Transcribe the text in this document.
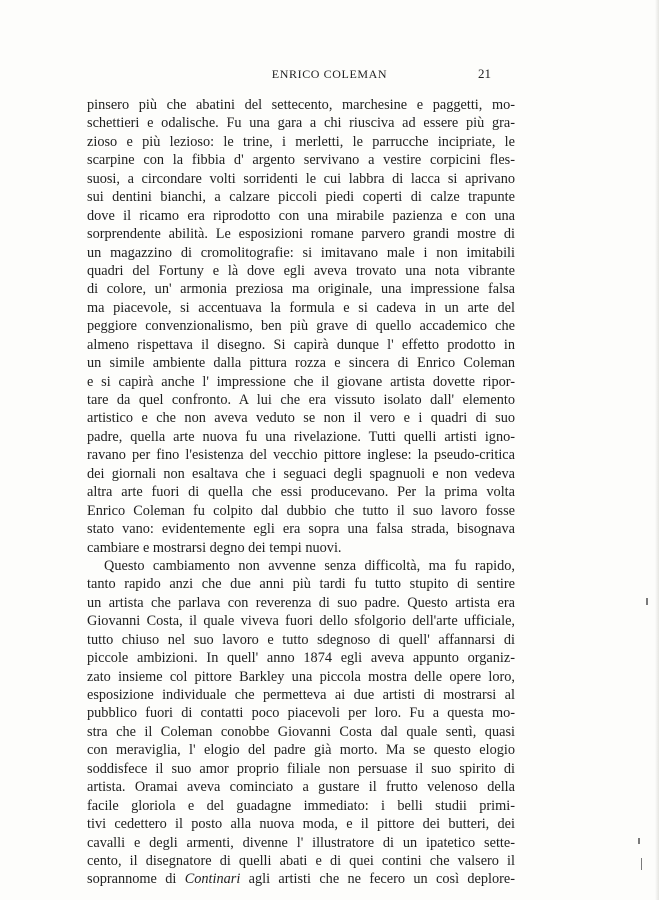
ENRICO COLEMAN	21
pinsero più che abatini del settecento, marchesine e paggetti, mo-
schettieri e odalische. Fu una gara a chi riusciva ad essere più gra-
zioso e più lezioso: le trine, i merletti, le parrucche incipriate, le
scarpine con la fibbia d' argento servivano a vestire corpicini fles-
suosi, a circondare volti sorridenti le cui labbra di lacca si aprivano
sui dentini bianchi, a calzare piccoli piedi coperti di calze trapunte
dove il ricamo era riprodotto con una mirabile pazienza e con una
sorprendente abilità. Le esposizioni romane parvero grandi mostre di
un magazzino di cromolitografie: si imitavano male i non imitabili
quadri del Fortuny e là dove egli aveva trovato una nota vibrante
di colore, un' armonia preziosa ma originale, una impressione falsa
ma piacevole, si accentuava la formula e si cadeva in un arte del
peggiore convenzionalismo, ben più grave di quello accademico che
almeno rispettava il disegno. Si capirà dunque l' effetto prodotto in
un simile ambiente dalla pittura rozza e sincera di Enrico Coleman
e si capirà anche l' impressione che il giovane artista dovette ripor-
tare da quel confronto. A lui che era vissuto isolato dall' elemento
artistico e che non aveva veduto se non il vero e i quadri di suo
padre, quella arte nuova fu una rivelazione. Tutti quelli artisti igno-
ravano per fino l'esistenza del vecchio pittore inglese: la pseudo-critica
dei giornali non esaltava che i seguaci degli spagnuoli e non vedeva
altra arte fuori di quella che essi producevano. Per la prima volta
Enrico Coleman fu colpito dal dubbio che tutto il suo lavoro fosse
stato vano: evidentemente egli era sopra una falsa strada, bisognava
cambiare e mostrarsi degno dei tempi nuovi.
Questo cambiamento non avvenne senza difficoltà, ma fu rapido,
tanto rapido anzi che due anni più tardi fu tutto stupito di sentire
un artista che parlava con reverenza di suo padre. Questo artista era
Giovanni Costa, il quale viveva fuori dello sfolgorio dell'arte ufficiale,
tutto chiuso nel suo lavoro e tutto sdegnoso di quell' affannarsi di
piccole ambizioni. In quell' anno 1874 egli aveva appunto organiz-
zato insieme col pittore Barkley una piccola mostra delle opere loro,
esposizione individuale che permetteva ai due artisti di mostrarsi al
pubblico fuori di contatti poco piacevoli per loro. Fu a questa mo-
stra che il Coleman conobbe Giovanni Costa dal quale sentì, quasi
con meraviglia, l' elogio del padre già morto. Ma se questo elogio
soddisfece il suo amor proprio filiale non persuase il suo spirito di
artista. Oramai aveva cominciato a gustare il frutto velenoso della
facile gloriola e del guadagne immediato: i belli studii primi-
tivi cedettero il posto alla nuova moda, e il pittore dei butteri, dei
cavalli e degli armenti, divenne l' illustratore di un ipatetico sette-
cento, il disegnatore di quelli abati e di quei contini che valsero il
soprannome di Continari agli artisti che ne fecero un così deplore-
